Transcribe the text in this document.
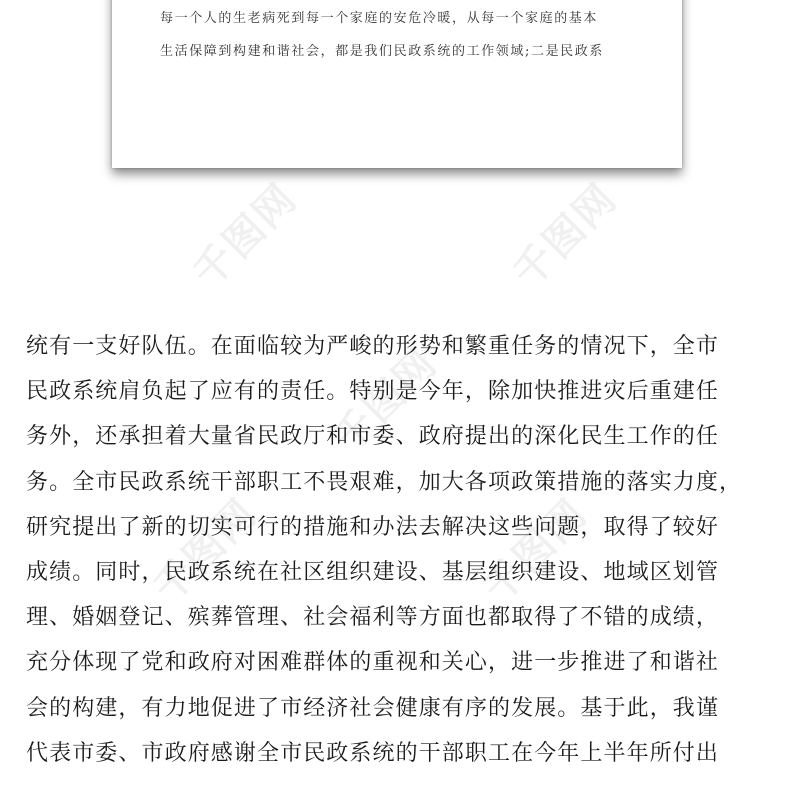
每一个人的生老病死到每一个家庭的安危冷暖，从每一个家庭的基本
生活保障到构建和谐社会，都是我们民政系统的工作领域;二是民政系
千图网	千图网
千图网
千图网	千图网
统有一支好队伍。在面临较为严峻的形势和繁重任务的情况下，全市
民政系统肩负起了应有的责任。特别是今年，除加快推进灾后重建任
务外，还承担着大量省民政厅和市委、政府提出的深化民生工作的任
务。全市民政系统干部职工不畏艰难，加大各项政策措施的落实力度，
研究提出了新的切实可行的措施和办法去解决这些问题，取得了较好
成绩。同时，民政系统在社区组织建设、基层组织建设、地域区划管
理、婚姻登记、殡葬管理、社会福利等方面也都取得了不错的成绩，
充分体现了党和政府对困难群体的重视和关心，进一步推进了和谐社
会的构建，有力地促进了市经济社会健康有序的发展。基于此，我谨
代表市委、市政府感谢全市民政系统的干部职工在今年上半年所付出
